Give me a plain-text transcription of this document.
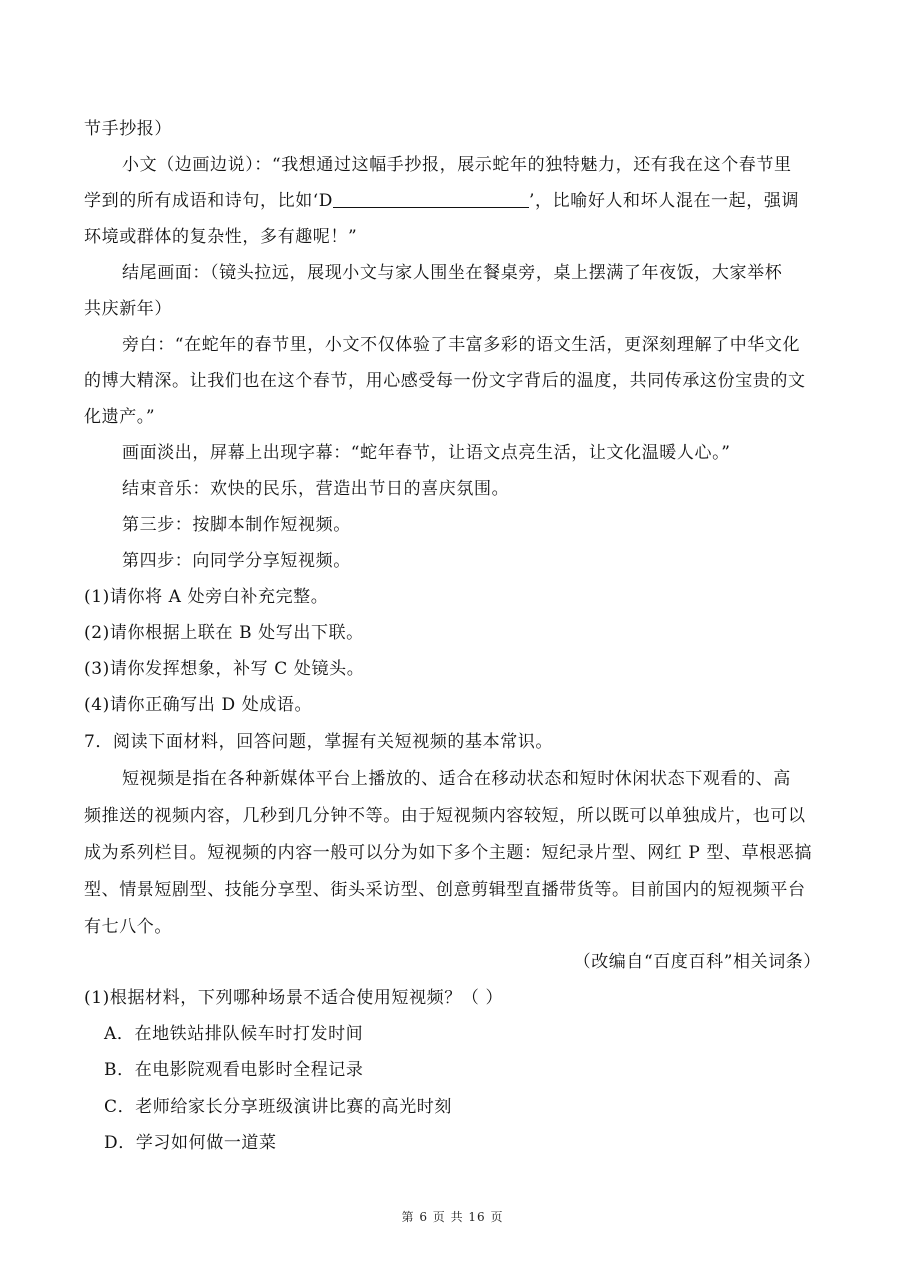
节手抄报）
小文（边画边说）：“我想通过这幅手抄报，展示蛇年的独特魅力，还有我在这个春节里
学到的所有成语和诗句，比如‘D	’，比喻好人和坏人混在一起，强调
环境或群体的复杂性，多有趣呢！”
结尾画面：（镜头拉远，展现小文与家人围坐在餐桌旁，桌上摆满了年夜饭，大家举杯
共庆新年）
旁白：“在蛇年的春节里，小文不仅体验了丰富多彩的语文生活，更深刻理解了中华文化
的博大精深。让我们也在这个春节，用心感受每一份文字背后的温度，共同传承这份宝贵的文
化遗产。”
画面淡出，屏幕上出现字幕：“蛇年春节，让语文点亮生活，让文化温暖人心。”
结束音乐：欢快的民乐，营造出节日的喜庆氛围。
第三步：按脚本制作短视频。
第四步：向同学分享短视频。
(1)请你将 A 处旁白补充完整。
(2)请你根据上联在 B 处写出下联。
(3)请你发挥想象，补写 C 处镜头。
(4)请你正确写出 D 处成语。
7．阅读下面材料，回答问题，掌握有关短视频的基本常识。
短视频是指在各种新媒体平台上播放的、适合在移动状态和短时休闲状态下观看的、高
频推送的视频内容，几秒到几分钟不等。由于短视频内容较短，所以既可以单独成片，也可以
成为系列栏目。短视频的内容一般可以分为如下多个主题：短纪录片型、网红 P 型、草根恶搞
型、情景短剧型、技能分享型、街头采访型、创意剪辑型直播带货等。目前国内的短视频平台
有七八个。
（改编自“百度百科”相关词条）
(1)根据材料，下列哪种场景不适合使用短视频？（ ）
A．在地铁站排队候车时打发时间
B．在电影院观看电影时全程记录
C．老师给家长分享班级演讲比赛的高光时刻
D．学习如何做一道菜
第 6 页 共 16 页
